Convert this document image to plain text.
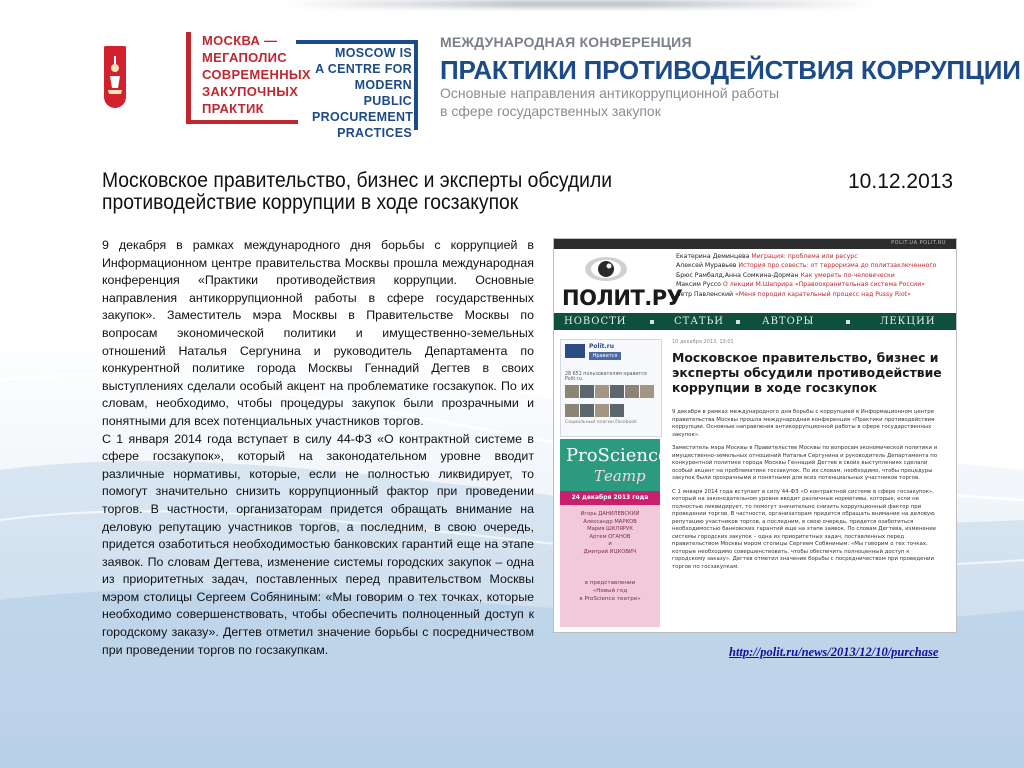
МОСКВА —
МЕГАПОЛИС
СОВРЕМЕННЫХ
ЗАКУПОЧНЫХ
ПРАКТИК
MOSCOW IS
A CENTRE FOR
MODERN PUBLIC
PROCUREMENT
PRACTICES
МЕЖДУНАРОДНАЯ КОНФЕРЕНЦИЯ
ПРАКТИКИ ПРОТИВОДЕЙСТВИЯ КОРРУПЦИИ
Основные направления антикоррупционной работы
в сфере государственных закупок
Московское правительство, бизнес и эксперты обсудили
противодействие коррупции в ходе госзакупок
10.12.2013

9 декабря в рамках международного дня борьбы с коррупцией в Информационном центре правительства Москвы прошла международная конференция «Практики противодействия коррупции. Основные направления антикоррупционной работы в сфере государственных закупок». Заместитель мэра Москвы в Правительстве Москвы по вопросам экономической политики и имущественно-земельных отношений Наталья Сергунина и руководитель Департамента по конкурентной политике города Москвы Геннадий Дегтев в своих выступлениях сделали особый акцент на проблематике госзакупок. По их словам, необходимо, чтобы процедуры закупок были прозрачными и понятными для всех потенциальных участников торгов.

С 1 января 2014 года вступает в силу 44-ФЗ «О контрактной системе в сфере госзакупок», который на законодательном уровне вводит различные нормативы, которые, если не полностью ликвидирует, то помогут значительно снизить коррупционный фактор при проведении торгов. В частности, организаторам придется обращать внимание на деловую репутацию участников торгов, а последним, в свою очередь, придется озаботиться необходимостью банковских гарантий еще на этапе заявок. По словам Дегтева, изменение системы городских закупок – одна из приоритетных задач, поставленных перед правительством Москвы мэром столицы Сергеем Собяниным: «Мы говорим о тех точках, которые необходимо совершенствовать, чтобы обеспечить полноценный доступ к городскому заказу». Дегтев отметил значение борьбы с посредничеством при проведении торгов по госзакупкам.

POLIT.UA POLIT.RU
ПОЛИТ.РУ
Екатерина Деминцева Миграция: проблема или ресурс
Алексей Муравьев История про совесть: от терроризма до политзаключенного
Брюс Рамбалд,Анна Сомкина-Дорман Как умереть по-человечески
Максим Руссо О лекции М.Шаприра «Правоохранительная система России»
Петр Павленский «Меня породил карательный процесс над Pussy Riot»
НОВОСТИ	СТАТЬИ	АВТОРЫ	ЛЕКЦИИ
Polit.ru
Нравится
28 651 пользователям нравится Polit.ru.
Социальный плагин Facebook
ProScience
Театр
24 декабря 2013 года
Игорь ДАНИЛЕВСКИЙ
Александр МАРКОВ
Мария ШКЛЯРУК
Артем ОГАНОВ
и
Дмитрий ИЦКОВИЧ
в представлении
«Новый год
в ProScience театре»
10 декабря 2013, 13:01
Московское правительство, бизнес и эксперты обсудили противодействие коррупции в ходе госзкупок

9 декабря в рамках международного дня борьбы с коррупцией в Информационном центре правительства Москвы прошла международная конференция «Практики противодействия коррупции. Основные направления антикоррупционной работы в сфере государственных закупок».

Заместитель мэра Москвы в Правительстве Москвы по вопросам экономической политики и имущественно-земельных отношений Наталья Сергунина и руководитель Департамента по конкурентной политике города Москвы Геннадий Дегтев в своих выступлениях сделали особый акцент на проблематике госзакупок. По их словам, необходимо, чтобы процедуры закупок были прозрачными и понятными для всех потенциальных участников торгов.

С 1 января 2014 года вступает в силу 44-ФЗ «О контрактной системе в сфере госзакупок», который на законодательном уровне вводит различные нормативы, которые, если не полностью ликвидирует, то помогут значительно снизить коррупционный фактор при проведении торгов. В частности, организаторам придется обращать внимание на деловую репутацию участников торгов, а последним, в свою очередь, придется озаботиться необходимостью банковских гарантий еще на этапе заявок. По словам Дегтева, изменение системы городских закупок – одна из приоритетных задач, поставленных перед правительством Москвы мэром столицы Сергеем Собяниным: «Мы говорим о тех точках, которые необходимо совершенствовать, чтобы обеспечить полноценный доступ к городскому заказу». Дегтев отметил значение борьбы с посредничеством при проведении торгов по госзакупкам.

http://polit.ru/news/2013/12/10/purchase
